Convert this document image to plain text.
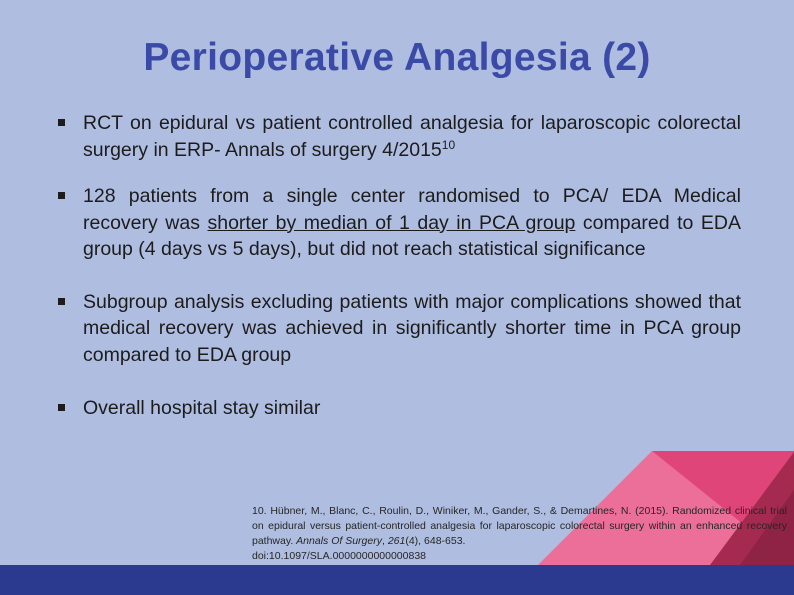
Perioperative Analgesia (2)
RCT on epidural vs patient controlled analgesia for laparoscopic colorectal surgery in ERP- Annals of surgery 4/2015$^{10}$
128 patients from a single center randomised to PCA/ EDA Medical recovery was shorter by median of 1 day in PCA group compared to EDA group (4 days vs 5 days), but did not reach statistical significance
Subgroup analysis excluding patients with major complications showed that medical recovery was achieved in significantly shorter time in PCA group compared to EDA group
Overall hospital stay similar
10. Hübner, M., Blanc, C., Roulin, D., Winiker, M., Gander, S., & Demartines, N. (2015). Randomized clinical trial on epidural versus patient-controlled analgesia for laparoscopic colorectal surgery within an enhanced recovery pathway. Annals Of Surgery, 261(4), 648-653.
doi:10.1097/SLA.0000000000000838
